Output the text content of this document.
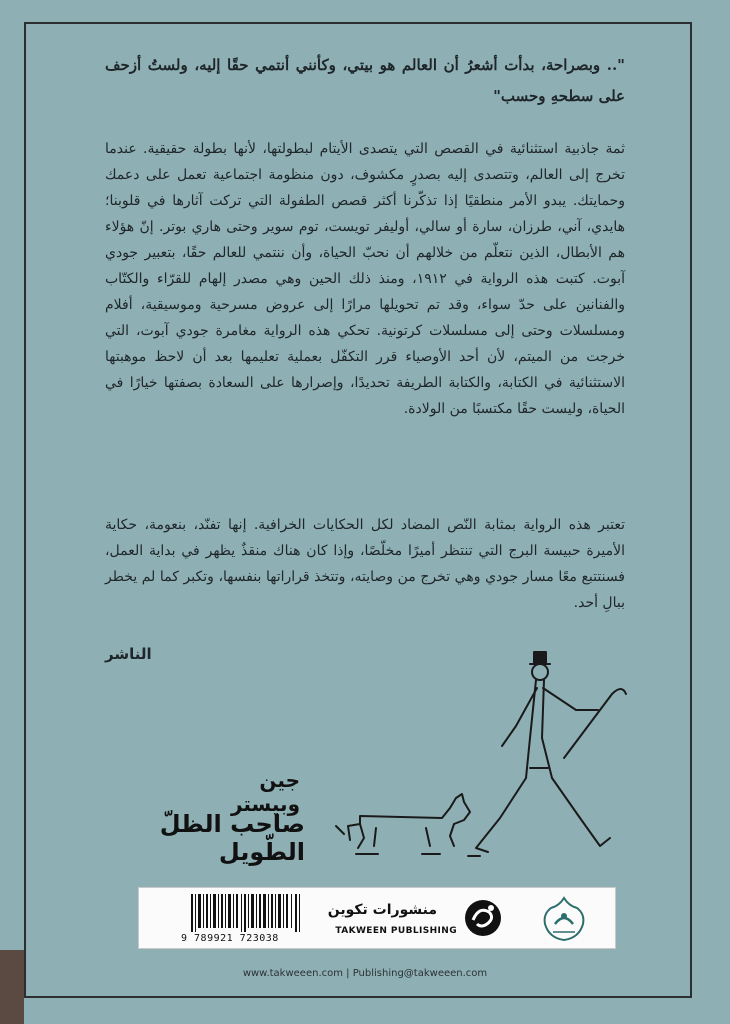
".. وبصراحة، بدأت أشعرُ أن العالم هو بيتي، وكأنني أنتمي حقًا إليه، ولستُ أزحف على سطحهِ وحسب"

ثمة جاذبية استثنائية في القصص التي يتصدى الأيتام لبطولتها، لأنها بطولة حقيقية. عندما تخرج إلى العالم، وتتصدى إليه بصدرٍ مكشوف، دون منظومة اجتماعية تعمل على دعمك وحمايتك. يبدو الأمر منطقيًا إذا تذكّرنا أكثر قصص الطفولة التي تركت آثارها في قلوبنا؛ هايدي، آني، طرزان، سارة أو سالي، أوليفر تويست، توم سوير وحتى هاري بوتر. إنّ هؤلاء هم الأبطال، الذين نتعلّم من خلالهم أن نحبّ الحياة، وأن ننتمي للعالم حقًا، بتعبير جودي آبوت. كتبت هذه الرواية في ١٩١٢، ومنذ ذلك الحين وهي مصدر إلهام للقرّاء والكتّاب والفنانين على حدّ سواء، وقد تم تحويلها مرارًا إلى عروض مسرحية وموسيقية، أفلام ومسلسلات وحتى إلى مسلسلات كرتونية. تحكي هذه الرواية مغامرة جودي آبوت، التي خرجت من الميتم، لأن أحد الأوصياء قرر التكفّل بعملية تعليمها بعد أن لاحظ موهبتها الاستثنائية في الكتابة، والكتابة الطريفة تحديدًا، وإصرارها على السعادة بصفتها خيارًا في الحياة، وليست حقًا مكتسبًا من الولادة.

تعتبر هذه الرواية بمثابة النّص المضاد لكل الحكايات الخرافية. إنها تفنّد، بنعومة، حكاية الأميرة حبيسة البرج التي تنتظر أميرًا مخلّصًا، وإذا كان هناك منقذٌ يظهر في بداية العمل، فسنتتبع معًا مسار جودي وهي تخرج من وصايته، وتتخذ قراراتها بنفسها، وتكبر كما لم يخطر ببالِ أحد.

الناشر
جين وبيستر
صاحب الظلّ الطّويل
9 789921 723038
منشورات تكوين
TAKWEEN PUBLISHING
www.takweeen.com | Publishing@takweeen.com
